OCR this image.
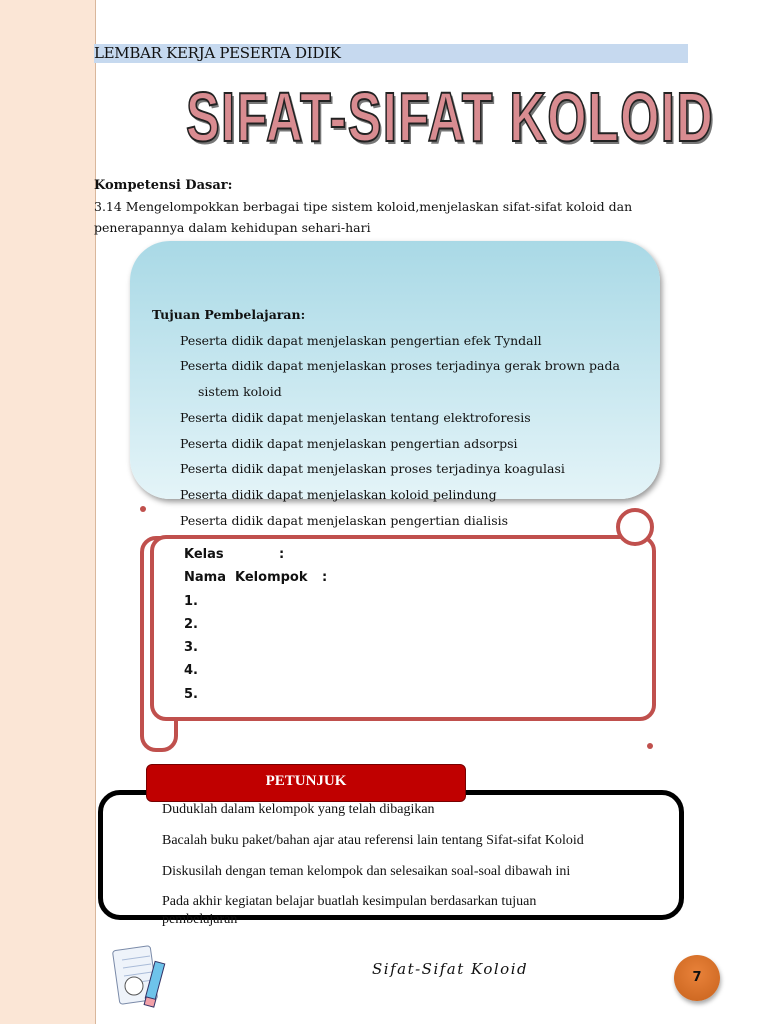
LEMBAR KERJA PESERTA DIDIK
SIFAT-SIFAT KOLOID
Kompetensi Dasar:
3.14 Mengelompokkan berbagai tipe sistem koloid,menjelaskan sifat-sifat koloid dan penerapannya dalam kehidupan sehari-hari
Tujuan Pembelajaran:
Peserta didik dapat menjelaskan pengertian efek Tyndall
Peserta didik dapat menjelaskan proses terjadinya gerak brown pada
sistem koloid
Peserta didik dapat menjelaskan tentang elektroforesis
Peserta didik dapat menjelaskan pengertian adsorpsi
Peserta didik dapat menjelaskan proses terjadinya koagulasi
Peserta didik dapat menjelaskan koloid pelindung
Peserta didik dapat menjelaskan pengertian dialisis
Kelas	:
Nama  Kelompok :
1.
2.
3.
4.
5.
PETUNJUK
Duduklah dalam kelompok yang telah dibagikan
Bacalah buku paket/bahan ajar atau referensi lain tentang Sifat-sifat Koloid
Diskusilah dengan teman kelompok dan selesaikan soal-soal dibawah ini
Pada akhir kegiatan belajar buatlah kesimpulan berdasarkan tujuan pembelajaran
Sifat-Sifat Koloid	7
